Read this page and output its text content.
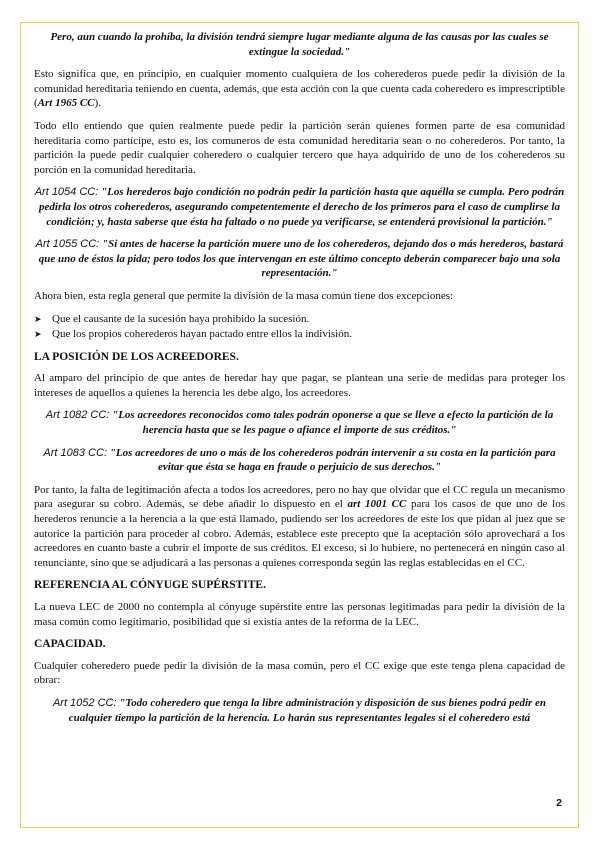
Pero, aun cuando la prohíba, la división tendrá siempre lugar mediante alguna de las causas por las cuales se extingue la sociedad."

Esto significa que, en principio, en cualquier momento cualquiera de los coherederos puede pedir la división de la comunidad hereditaria teniendo en cuenta, además, que esta acción con la que cuenta cada coheredero es imprescriptible (Art 1965 CC).

Todo ello entiendo que quien realmente puede pedir la partición serán quienes formen parte de esa comunidad hereditaria como partícipe, esto es, los comuneros de esta comunidad hereditaria sean o no coherederos. Por tanto, la partición la puede pedir cualquier coheredero o cualquier tercero que haya adquirido de uno de los coherederos su porción en la comunidad hereditaria.

Art 1054 CC: "Los herederos bajo condición no podrán pedir la partición hasta que aquélla se cumpla. Pero podrán pedirla los otros coherederos, asegurando competentemente el derecho de los primeros para el caso de cumplirse la condición; y, hasta saberse que ésta ha faltado o no puede ya verificarse, se entenderá provisional la partición."

Art 1055 CC: "Si antes de hacerse la partición muere uno de los coherederos, dejando dos o más herederos, bastará que uno de éstos la pida; pero todos los que intervengan en este último concepto deberán comparecer bajo una sola representación."

Ahora bien, esta regla general que permite la división de la masa común tiene dos excepciones:

➤ Que el causante de la sucesión haya prohibido la sucesión.
➤ Que los propios coherederos hayan pactado entre ellos la indivisión.
LA POSICIÓN DE LOS ACREEDORES.

Al amparo del principio de que antes de heredar hay que pagar, se plantean una serie de medidas para proteger los intereses de aquellos a quienes la herencia les debe algo, los acreedores.

Art 1082 CC: "Los acreedores reconocidos como tales podrán oponerse a que se lleve a efecto la partición de la herencia hasta que se les pague o afiance el importe de sus créditos."

Art 1083 CC: "Los acreedores de uno o más de los coherederos podrán intervenir a su costa en la partición para evitar que ésta se haga en fraude o perjuicio de sus derechos."

Por tanto, la falta de legitimación afecta a todos los acreedores, pero no hay que olvidar que el CC regula un mecanismo para asegurar su cobro. Además, se debe añadir lo dispuesto en el art 1001 CC para los casos de que uno de los herederos renuncie a la herencia a la que está llamado, pudiendo ser los acreedores de este los que pidan al juez que se autorice la partición para proceder al cobro. Además, establece este precepto que la aceptación sólo aprovechará a los acreedores en cuanto baste a cubrir el importe de sus créditos. El exceso, si lo hubiere, no pertenecerá en ningún caso al renunciante, sino que se adjudicará a las personas a quienes corresponda según las reglas establecidas en el CC.

REFERENCIA AL CÓNYUGE SUPÉRSTITE.

La nueva LEC de 2000 no contempla al cónyuge supérstite entre las personas legitimadas para pedir la división de la masa común como legitimario, posibilidad que si existía antes de la reforma de la LEC.

CAPACIDAD.

Cualquier coheredero puede pedir la división de la masa común, pero el CC exige que este tenga plena capacidad de obrar:

Art 1052 CC: "Todo coheredero que tenga la libre administración y disposición de sus bienes podrá pedir en cualquier tiempo la partición de la herencia. Lo harán sus representantes legales si el coheredero está

2
